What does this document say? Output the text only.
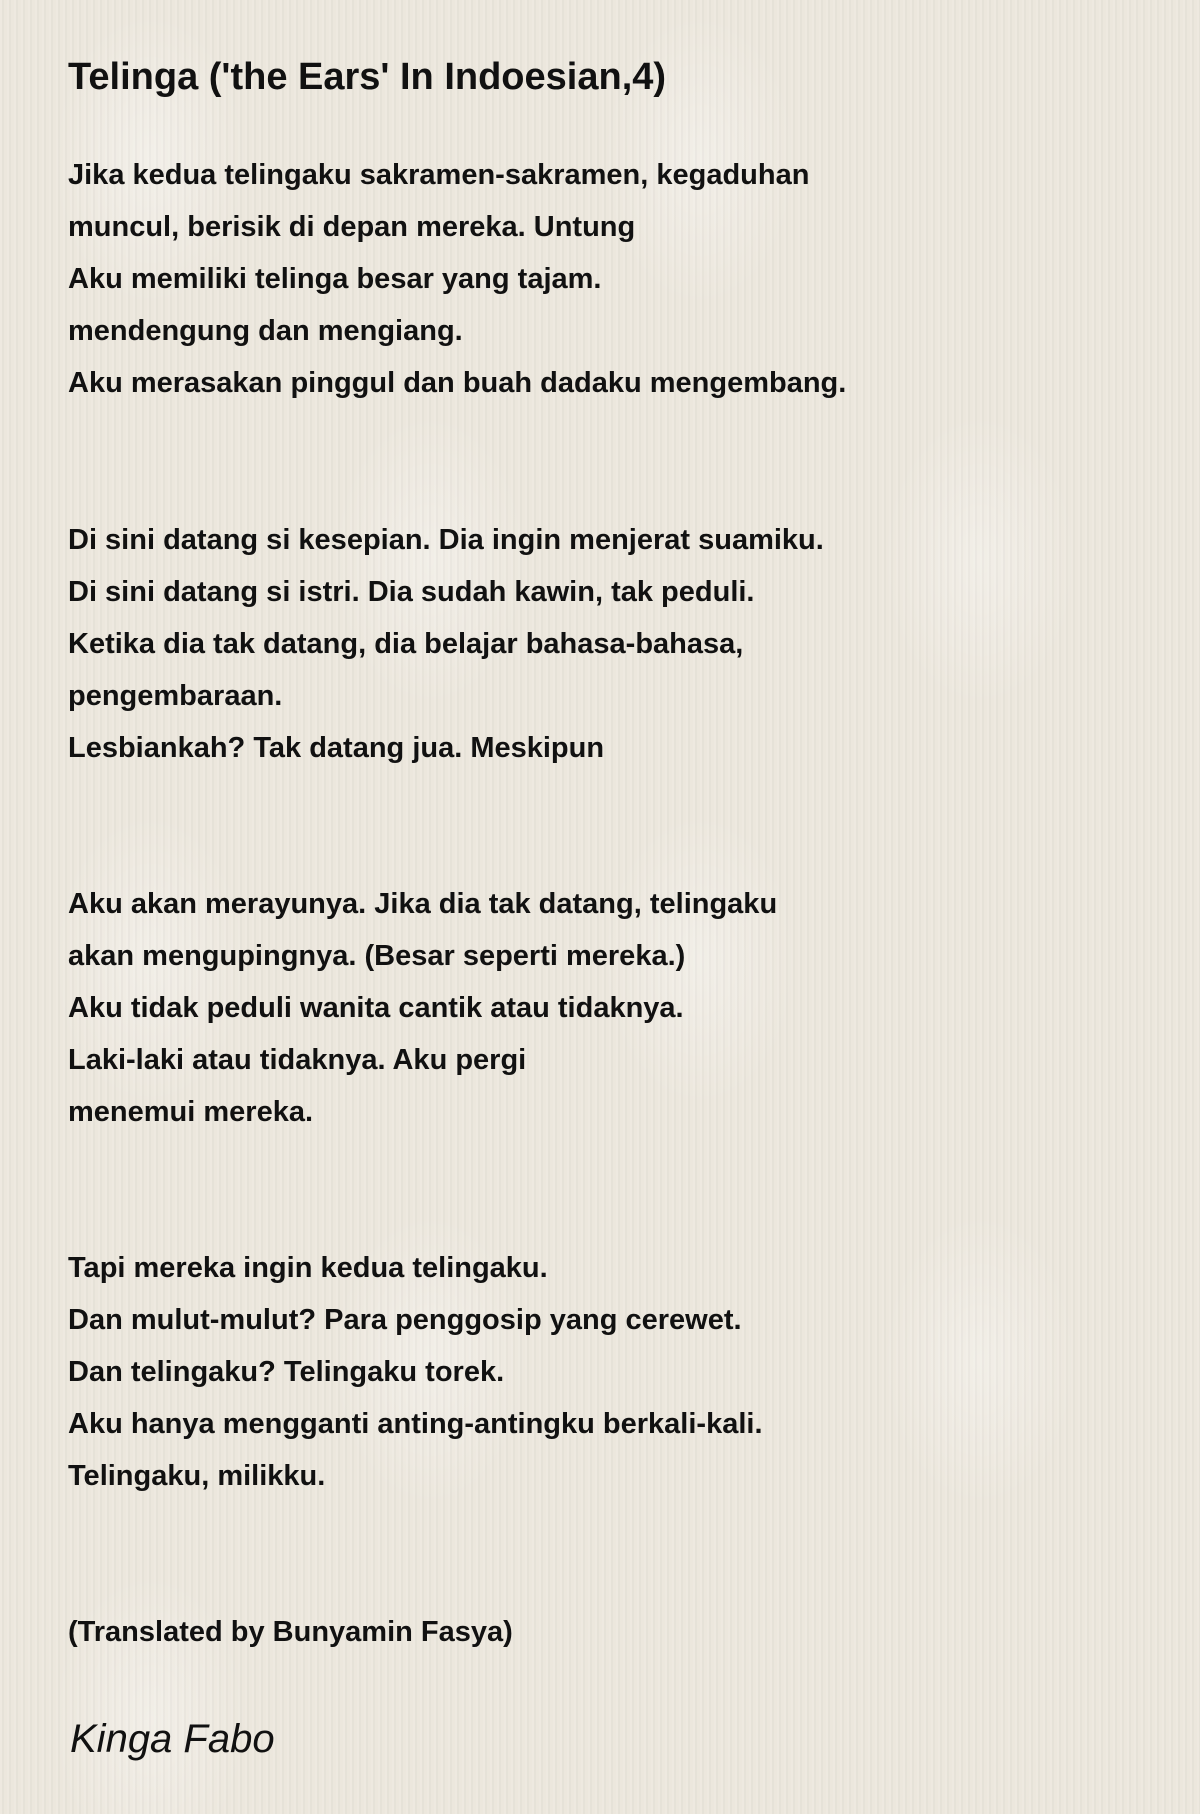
Telinga ('the Ears' In Indoesian,4)
Jika kedua telingaku sakramen-sakramen, kegaduhan
muncul, berisik di depan mereka. Untung
Aku memiliki telinga besar yang tajam.
mendengung dan mengiang.
Aku merasakan pinggul dan buah dadaku mengembang.
Di sini datang si kesepian. Dia ingin menjerat suamiku.
Di sini datang si istri. Dia sudah kawin, tak peduli.
Ketika dia tak datang, dia belajar bahasa-bahasa,
pengembaraan.
Lesbiankah? Tak datang jua. Meskipun
Aku akan merayunya. Jika dia tak datang, telingaku
akan mengupingnya. (Besar seperti mereka.)
Aku tidak peduli wanita cantik atau tidaknya.
Laki-laki atau tidaknya. Aku pergi
menemui mereka.
Tapi mereka ingin kedua telingaku.
Dan mulut-mulut? Para penggosip yang cerewet.
Dan telingaku? Telingaku torek.
Aku hanya mengganti anting-antingku berkali-kali.
Telingaku, milikku.
(Translated by Bunyamin Fasya)
Kinga Fabo
